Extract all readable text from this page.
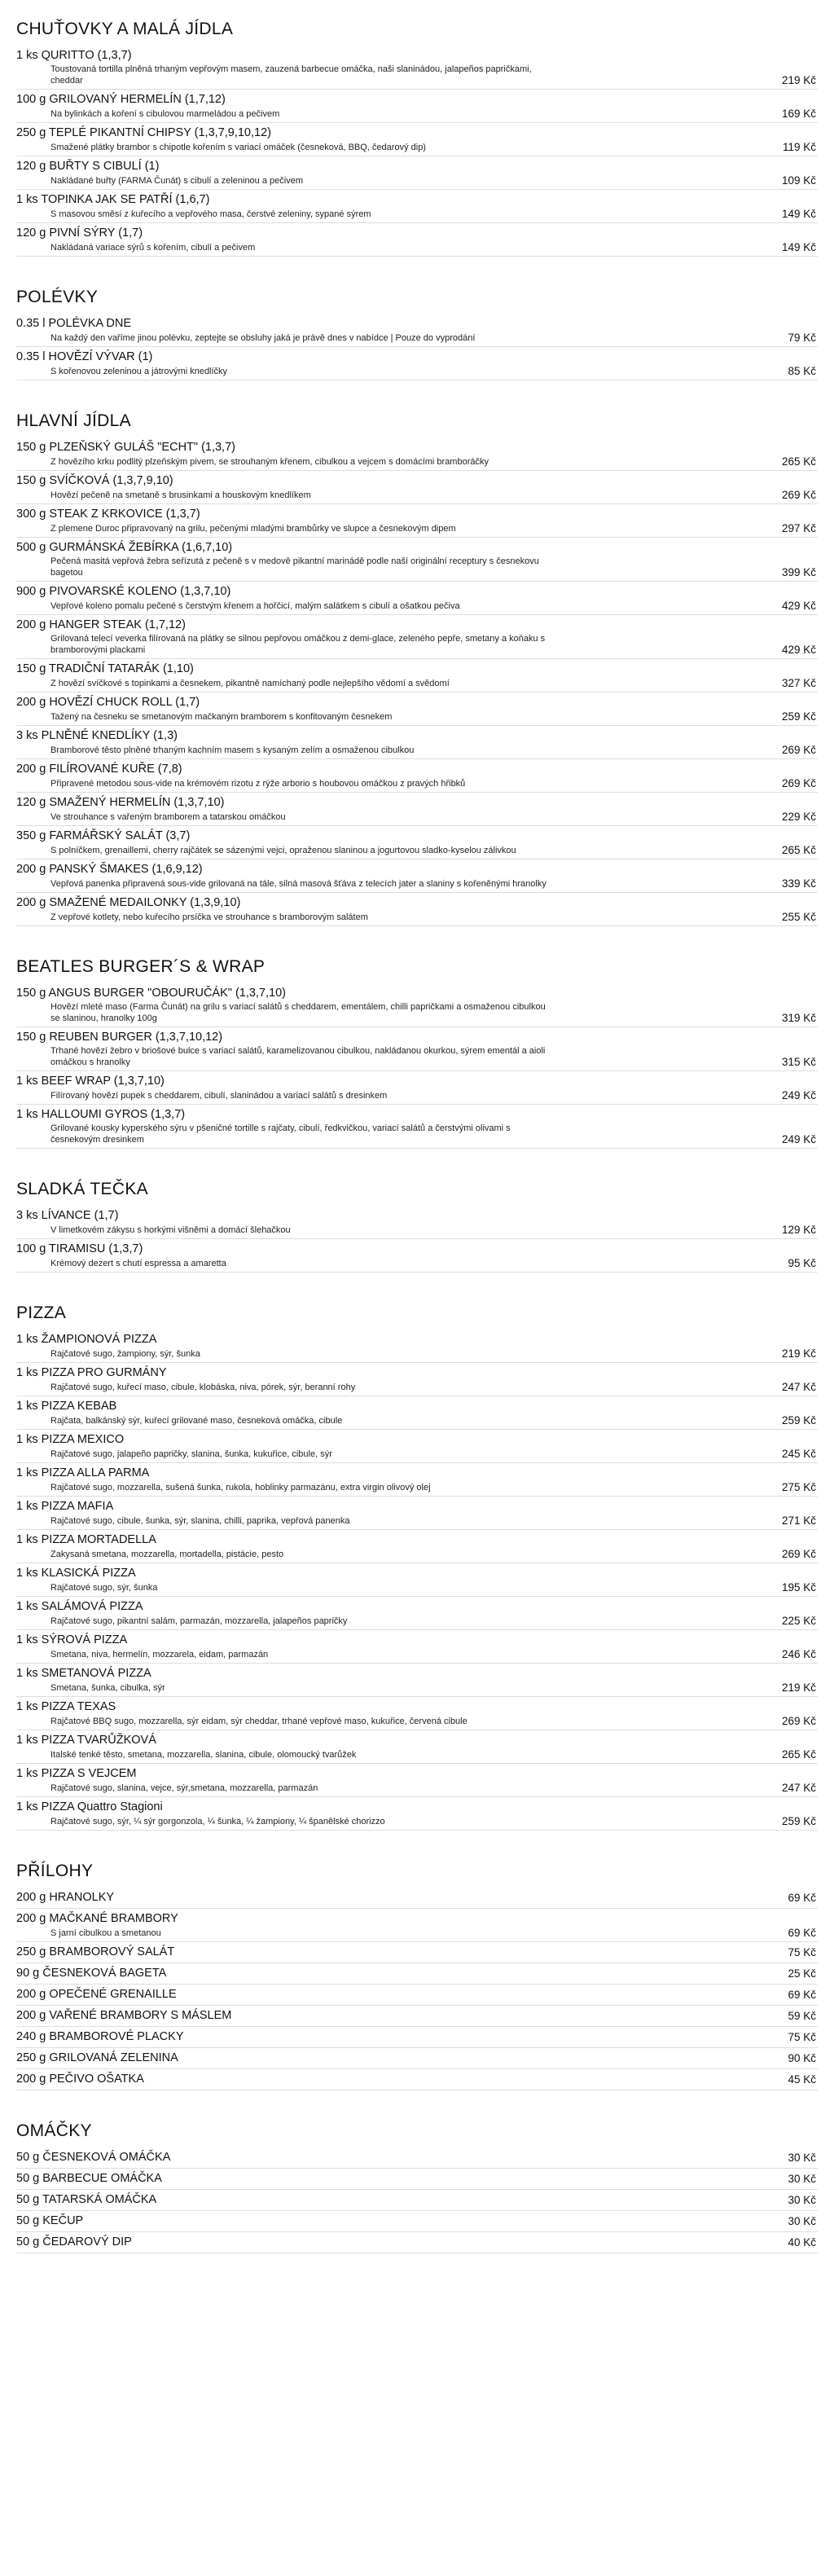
CHUŤOVKY A MALÁ JÍDLA
1 ks QURITTO (1,3,7)
Toustovaná tortilla plněná trhaným vepřovým masem, zauzená barbecue omáčka, naši slaninádou, jalapeños papričkami, cheddar	219 Kč
100 g GRILOVANÝ HERMELÍN (1,7,12)
Na bylinkách a koření s cibulovou marmeládou a pečivem	169 Kč
250 g TEPLÉ PIKANTNÍ CHIPSY (1,3,7,9,10,12)
Smažené plátky brambor s chipotle kořením s variací omáček (česneková, BBQ, čedarový dip)	119 Kč
120 g BUŘTY S CIBULÍ (1)
Nakládané buřty (FARMA Čunát) s cibulí a zeleninou a pečivem	109 Kč
1 ks TOPINKA JAK SE PATŘÍ (1,6,7)
S masovou směsí z kuřecího a vepřového masa, čerstvé zeleniny, sypané sýrem	149 Kč
120 g PIVNÍ SÝRY (1,7)
Nakládaná variace sýrů s kořením, cibulí a pečivem	149 Kč
POLÉVKY
0.35 l POLÉVKA DNE
Na každý den vaříme jinou polévku, zeptejte se obsluhy jaká je právě dnes v nabídce | Pouze do vyprodání	79 Kč
0.35 l HOVĚZÍ VÝVAR (1)
S kořenovou zeleninou a játrovými knedlíčky	85 Kč
HLAVNÍ JÍDLA
150 g PLZEŇSKÝ GULÁŠ "ECHT" (1,3,7)
Z hovězího krku podlitý plzeňským pivem, se strouhaným křenem, cibulkou a vejcem s domácími bramboráčky	265 Kč
150 g SVÍČKOVÁ (1,3,7,9,10)
Hovězí pečeně na smetaně s brusinkami a houskovým knedlíkem	269 Kč
300 g STEAK Z KRKOVICE (1,3,7)
Z plemene Duroc připravovaný na grilu, pečenými mladými brambůrky ve slupce a česnekovým dipem	297 Kč
500 g GURMÁNSKÁ ŽEBÍRKA (1,6,7,10)
Pečená masitá vepřová žebra seřízutá z pečeně s v medově pikantní marinádě podle naší originální receptury s česnekovu bagetou	399 Kč
900 g PIVOVARSKÉ KOLENO (1,3,7,10)
Vepřové koleno pomalu pečené s čerstvým křenem a hořčicí, malým salátkem s cibulí a ošatkou pečiva	429 Kč
200 g HANGER STEAK (1,7,12)
Grilovaná telecí veverka filírovaná na plátky se silnou pepřovou omáčkou z demi-glace, zeleného pepře, smetany a koňaku s bramborovými plackami	429 Kč
150 g TRADIČNÍ TATARÁK (1,10)
Z hovězí svíčkové s topinkami a česnekem, pikantně namíchaný podle nejlepšího vědomí a svědomí	327 Kč
200 g HOVĚZÍ CHUCK ROLL (1,7)
Tažený na česneku se smetanovým mačkaným bramborem s konfitovaným česnekem	259 Kč
3 ks PLNĚNÉ KNEDLÍKY (1,3)
Bramborové těsto plněné trhaným kachním masem s kysaným zelím a osmaženou cibulkou	269 Kč
200 g FILÍROVANÉ KUŘE (7,8)
Připravené metodou sous-vide na krémovém rizotu z rýže arborio s houbovou omáčkou z pravých hřibků	269 Kč
120 g SMAŽENÝ HERMELÍN (1,3,7,10)
Ve strouhance s vařeným bramborem a tatarskou omáčkou	229 Kč
350 g FARMÁŘSKÝ SALÁT (3,7)
S polníčkem, grenaillemi, cherry rajčátek se sázenými vejci, opraženou slaninou a jogurtovou sladko-kyselou zálivkou	265 Kč
200 g PANSKÝ ŠMAKES (1,6,9,12)
Vepřová panenka připravená sous-vide grilovaná na tále, silná masová šťáva z telecích jater a slaniny s kořeněnými hranolky	339 Kč
200 g SMAŽENÉ MEDAILONKY (1,3,9,10)
Z vepřové kotlety, nebo kuřecího prsíčka ve strouhance s bramborovým salátem	255 Kč
BEATLES BURGER´S & WRAP
150 g ANGUS BURGER "OBOURUČÁK" (1,3,7,10)
Hovězí mleté maso (Farma Čunát) na grilu s variací salátů s cheddarem, ementálem, chilli papričkami a osmaženou cibulkou se slaninou, hranolky 100g	319 Kč
150 g REUBEN BURGER (1,3,7,10,12)
Trhané hovězí žebro v briošové bulce s variací salátů, karamelizovanou cibulkou, nakládanou okurkou, sýrem ementál a aioli omáčkou s hranolky	315 Kč
1 ks BEEF WRAP (1,3,7,10)
Filírovaný hovězí pupek s cheddarem, cibulí, slaninádou a variací salátů s dresinkem	249 Kč
1 ks HALLOUMI GYROS (1,3,7)
Grilované kousky kyperského sýru v pšeničné tortille s rajčaty, cibulí, ředkvičkou, variací salátů a čerstvými olivami s česnekovým dresinkem	249 Kč
SLADKÁ TEČKA
3 ks LÍVANCE (1,7)
V limetkovém zákysu s horkými višněmi a domácí šlehačkou	129 Kč
100 g TIRAMISU (1,3,7)
Krémový dezert s chutí espressa a amaretta	95 Kč
PIZZA
1 ks ŽAMPIONOVÁ PIZZA
Rajčatové sugo, žampiony, sýr, šunka	219 Kč
1 ks PIZZA PRO GURMÁNY
Rajčatové sugo, kuřecí maso, cibule, klobáska, niva, pórek, sýr, beranní rohy	247 Kč
1 ks PIZZA KEBAB
Rajčata, balkánský sýr, kuřecí grilované maso, česneková omáčka, cibule	259 Kč
1 ks PIZZA MEXICO
Rajčatové sugo, jalapeño papričky, slanina, šunka, kukuřice, cibule, sýr	245 Kč
1 ks PIZZA ALLA PARMA
Rajčatové sugo, mozzarella, sušená šunka, rukola, hoblinky parmazánu, extra virgin olivový olej	275 Kč
1 ks PIZZA MAFIA
Rajčatové sugo, cibule, šunka, sýr, slanina, chilli, paprika, vepřová panenka	271 Kč
1 ks PIZZA MORTADELLA
Zakysaná smetana, mozzarella, mortadella, pistácie, pesto	269 Kč
1 ks KLASICKÁ PIZZA
Rajčatové sugo, sýr, šunka	195 Kč
1 ks SALÁMOVÁ PIZZA
Rajčatové sugo, pikantní salám, parmazán, mozzarella, jalapeños papričky	225 Kč
1 ks SÝROVÁ PIZZA
Smetana, niva, hermelín, mozzarela, eidam, parmazán	246 Kč
1 ks SMETANOVÁ PIZZA
Smetana, šunka, cibulka, sýr	219 Kč
1 ks PIZZA TEXAS
Rajčatové BBQ sugo, mozzarella, sýr eidam, sýr cheddar, trhané vepřové maso, kukuřice, červená cibule	269 Kč
1 ks PIZZA TVARŮŽKOVÁ
Italské tenké těsto, smetana, mozzarella, slanina, cibule, olomoucký tvarůžek	265 Kč
1 ks PIZZA S VEJCEM
Rajčatové sugo, slanina, vejce, sýr,smetana, mozzarella, parmazán	247 Kč
1 ks PIZZA Quattro Stagioni
Rajčatové sugo, sýr, ¼ sýr gorgonzola, ¼ šunka, ¼ žampiony, ¼ španělské chorizzo	259 Kč
PŘÍLOHY
200 g HRANOLKY	69 Kč
200 g MAČKANÉ BRAMBORY
S jarní cibulkou a smetanou	69 Kč
250 g BRAMBOROVÝ SALÁT	75 Kč
90 g ČESNEKOVÁ BAGETA	25 Kč
200 g OPEČENÉ GRENAILLE	69 Kč
200 g VAŘENÉ BRAMBORY S MÁSLEM	59 Kč
240 g BRAMBOROVÉ PLACKY	75 Kč
250 g GRILOVANÁ ZELENINA	90 Kč
200 g PEČIVO OŠATKA	45 Kč
OMÁČKY
50 g ČESNEKOVÁ OMÁČKA	30 Kč
50 g BARBECUE OMÁČKA	30 Kč
50 g TATARSKÁ OMÁČKA	30 Kč
50 g KEČUP	30 Kč
50 g ČEDAROVÝ DIP	40 Kč
